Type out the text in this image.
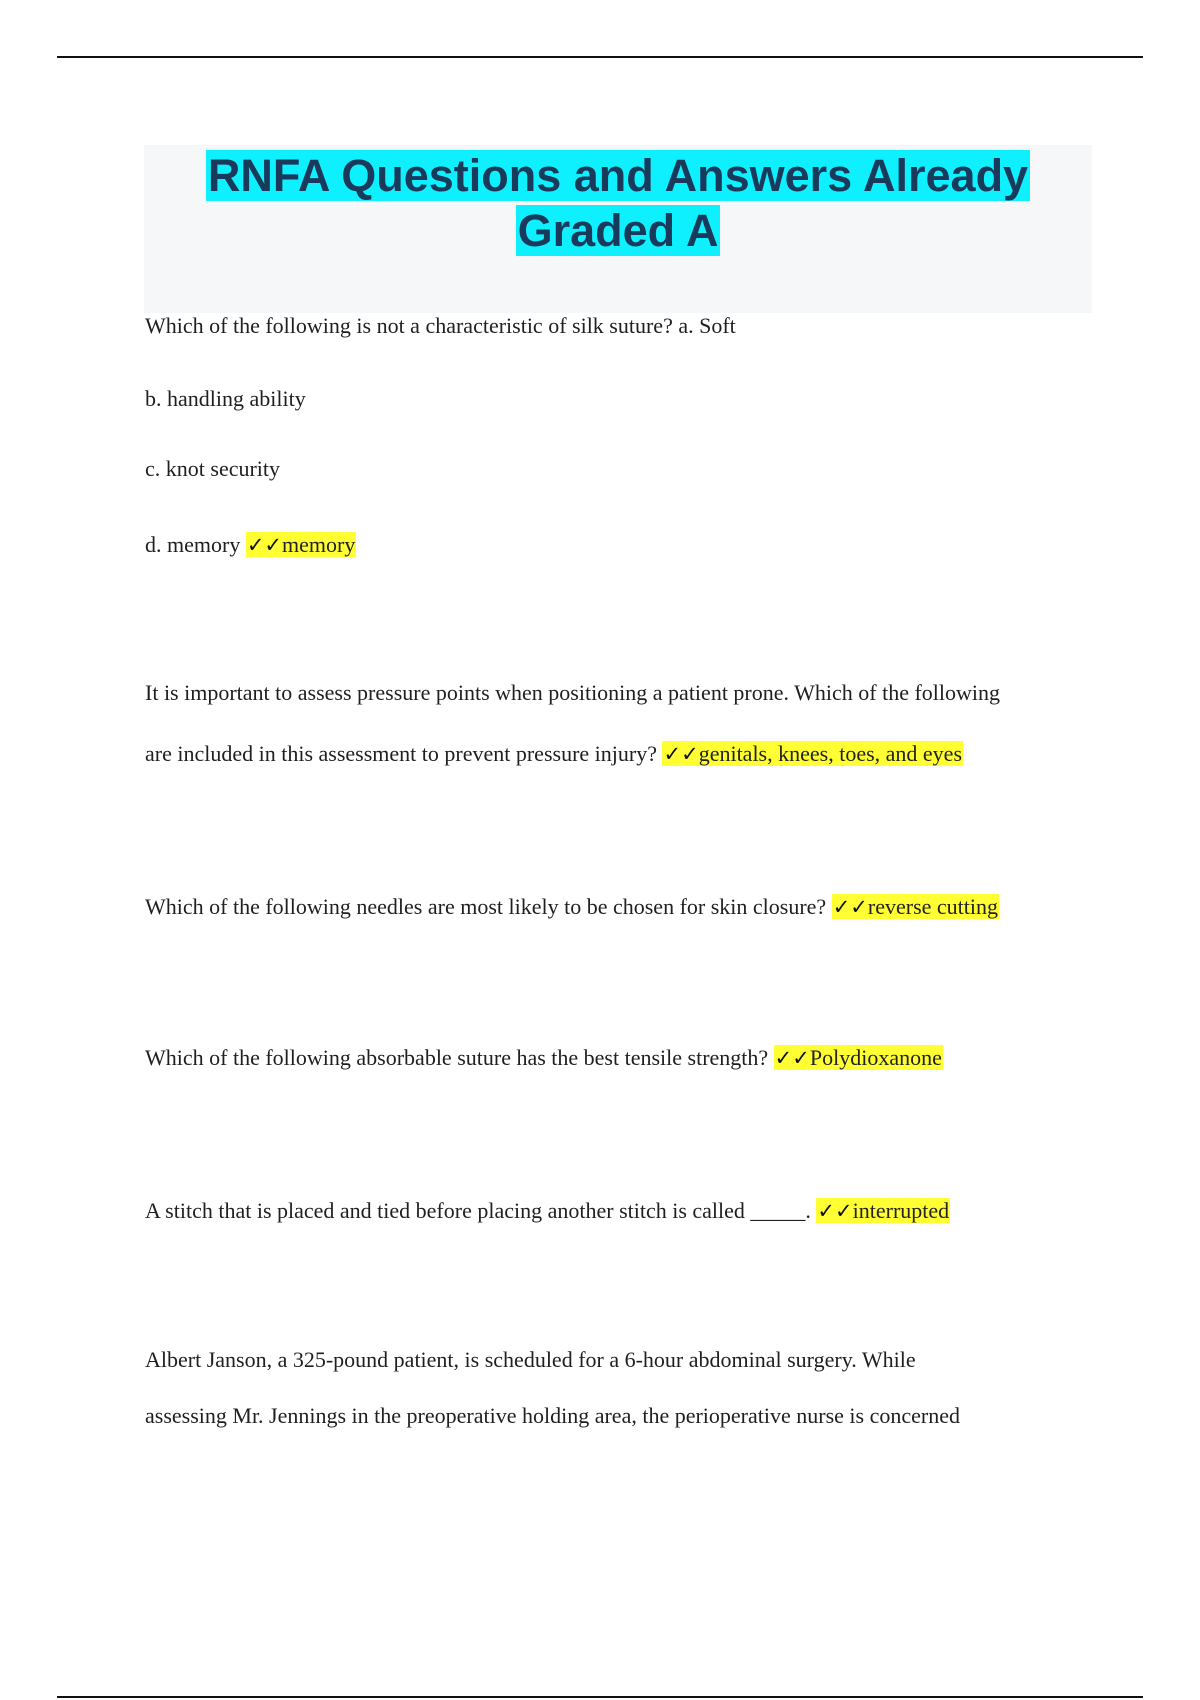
RNFA Questions and Answers Already Graded A
Which of the following is not a characteristic of silk suture? a. Soft
b. handling ability
c. knot security
d. memory ✓✓memory
It is important to assess pressure points when positioning a patient prone. Which of the following
are included in this assessment to prevent pressure injury? ✓✓genitals, knees, toes, and eyes
Which of the following needles are most likely to be chosen for skin closure? ✓✓reverse cutting
Which of the following absorbable suture has the best tensile strength? ✓✓Polydioxanone
A stitch that is placed and tied before placing another stitch is called _____. ✓✓interrupted
Albert Janson, a 325-pound patient, is scheduled for a 6-hour abdominal surgery. While
assessing Mr. Jennings in the preoperative holding area, the perioperative nurse is concerned
